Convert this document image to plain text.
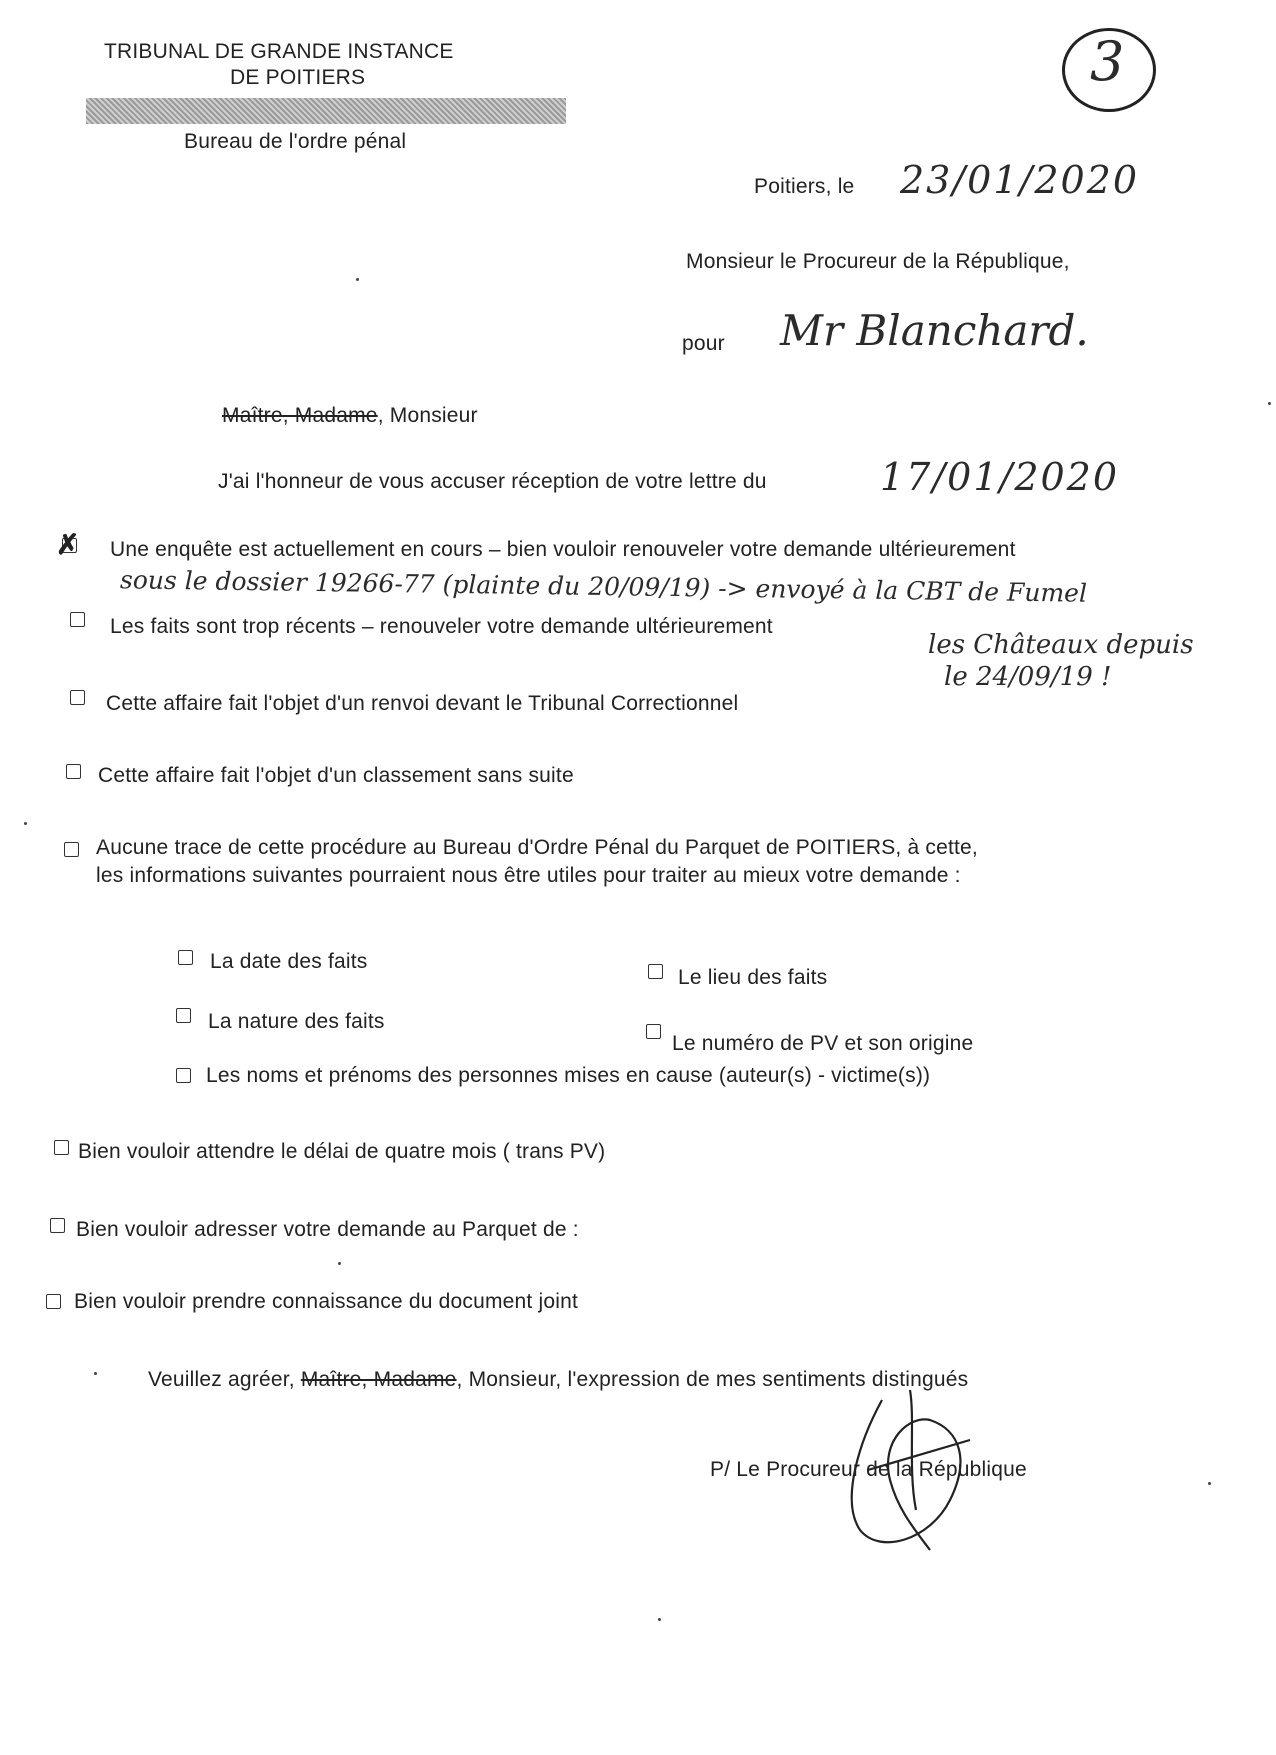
TRIBUNAL DE GRANDE INSTANCE
DE POITIERS
Bureau de l'ordre pénal
3
Poitiers, le 23/01/2020
Monsieur le Procureur de la République,
pour Mr Blanchard.
Maître, Madame, Monsieur
J'ai l'honneur de vous accuser réception de votre lettre du	17/01/2020
✗ Une enquête est actuellement en cours – bien vouloir renouveler votre demande ultérieurement
sous le dossier 19266-77 (plainte du 20/09/19) -> envoyé à la CBT de Fumel
les Châteaux depuis
le 24/09/19 !
Les faits sont trop récents – renouveler votre demande ultérieurement
Cette affaire fait l'objet d'un renvoi devant le Tribunal Correctionnel
Cette affaire fait l'objet d'un classement sans suite
Aucune trace de cette procédure au Bureau d'Ordre Pénal du Parquet de POITIERS, à cette,
les informations suivantes pourraient nous être utiles pour traiter au mieux votre demande :
La date des faits
Le lieu des faits
La nature des faits
Le numéro de PV et son origine
Les noms et prénoms des personnes mises en cause (auteur(s) - victime(s))
Bien vouloir attendre le délai de quatre mois ( trans PV)
Bien vouloir adresser votre demande au Parquet de :
Bien vouloir prendre connaissance du document joint
Veuillez agréer, Maître, Madame, Monsieur, l'expression de mes sentiments distingués
P/ Le Procureur de la République
